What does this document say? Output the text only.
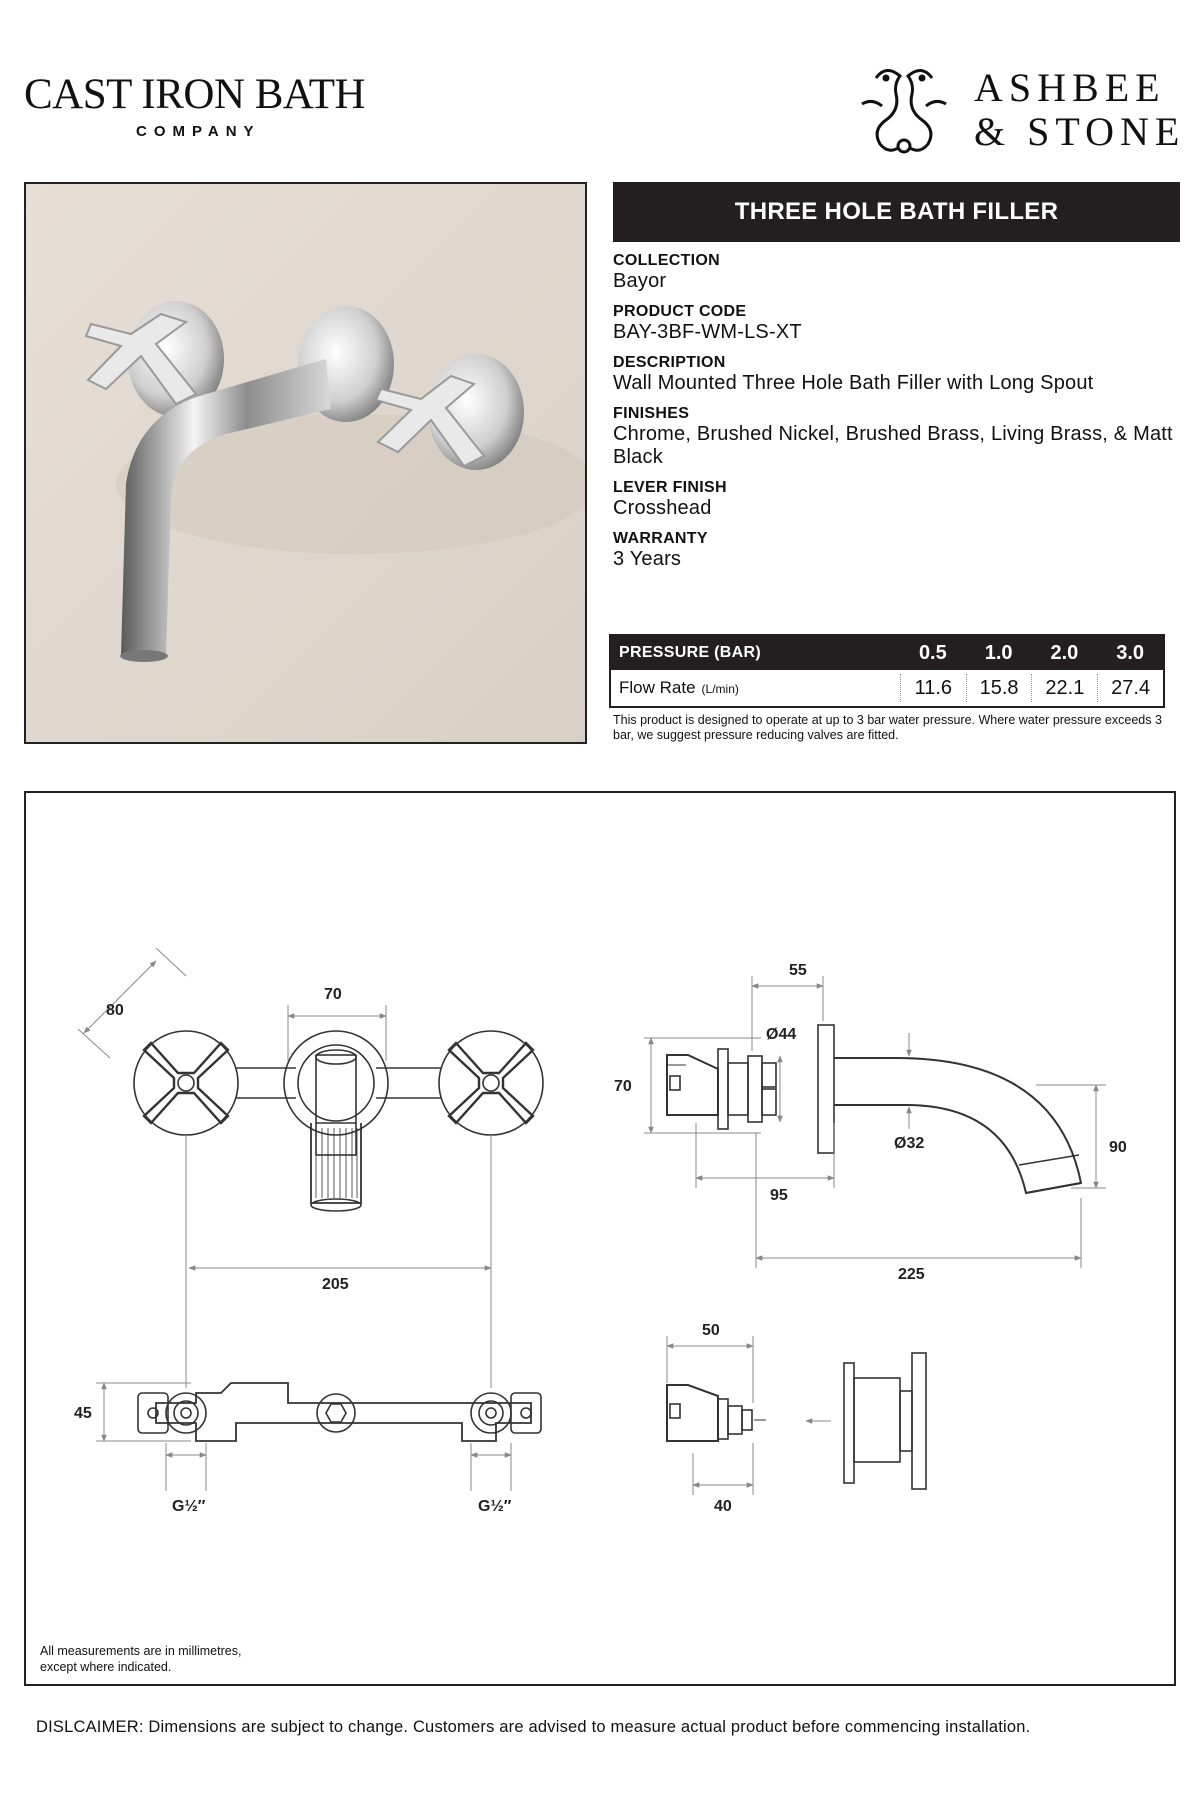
CAST IRON BATH
COMPANY
ASHBEE
& STONE
THREE HOLE BATH FILLER
COLLECTION
Bayor
PRODUCT CODE
BAY-3BF-WM-LS-XT
DESCRIPTION
Wall Mounted Three Hole Bath Filler with Long Spout
FINISHES
Chrome, Brushed Nickel, Brushed Brass, Living Brass, & Matt Black
LEVER FINISH
Crosshead
WARRANTY
3 Years
PRESSURE (BAR)	0.5	1.0	2.0	3.0
Flow Rate (L/min)	11.6	15.8	22.1	27.4
This product is designed to operate at up to 3 bar water pressure. Where water pressure exceeds 3 bar, we suggest pressure reducing valves are fitted.
80
70
205
45
G½″	G½″
55
Ø44
70
Ø32
95
90
225
50
40
All measurements are in millimetres,
except where indicated.
DISLCAIMER: Dimensions are subject to change. Customers are advised to measure actual product before commencing installation.
